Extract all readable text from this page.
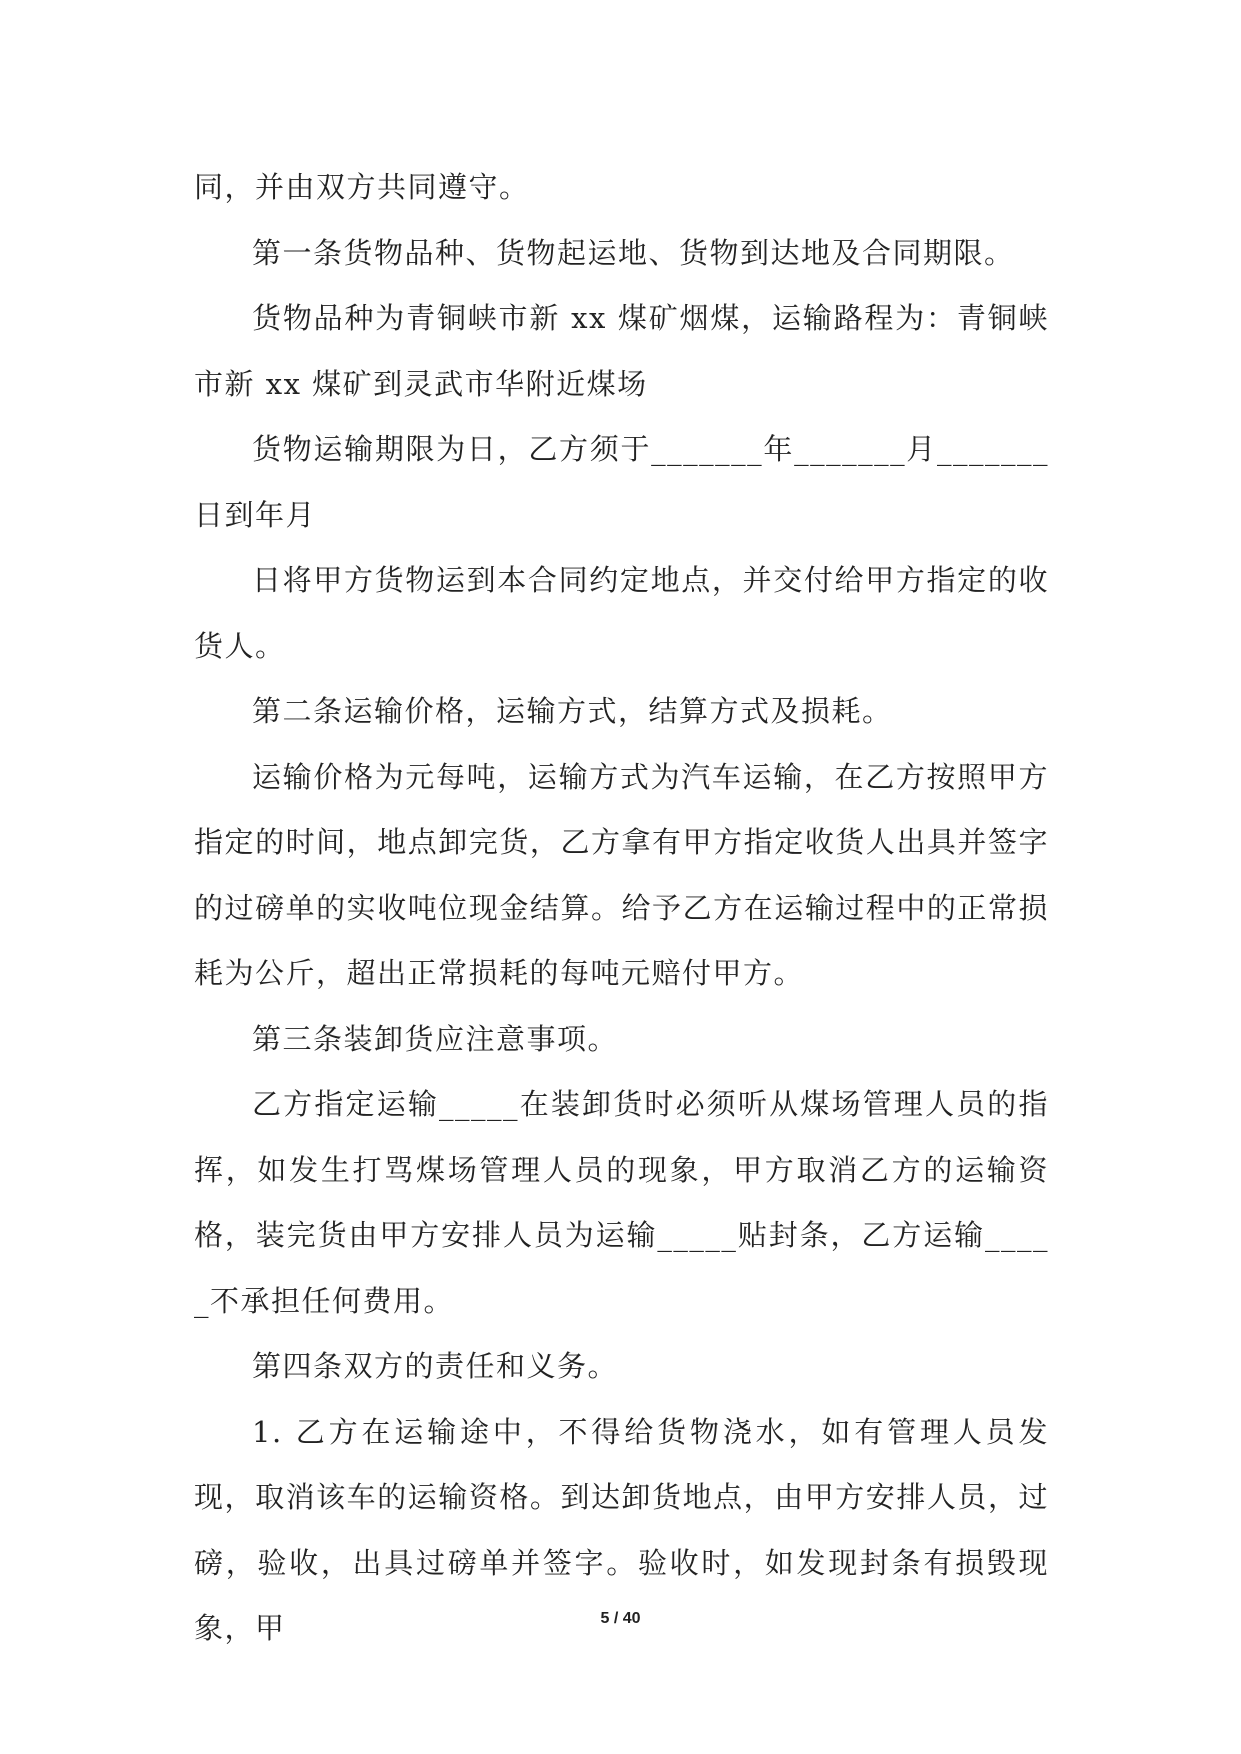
同，并由双方共同遵守。

第一条货物品种、货物起运地、货物到达地及合同期限。

货物品种为青铜峡市新 xx 煤矿烟煤，运输路程为：青铜峡市新 xx 煤矿到灵武市华附近煤场

货物运输期限为日，乙方须于_______年_______月_______日到年月

日将甲方货物运到本合同约定地点，并交付给甲方指定的收货人。

第二条运输价格，运输方式，结算方式及损耗。

运输价格为元每吨，运输方式为汽车运输，在乙方按照甲方指定的时间，地点卸完货，乙方拿有甲方指定收货人出具并签字的过磅单的实收吨位现金结算。给予乙方在运输过程中的正常损耗为公斤，超出正常损耗的每吨元赔付甲方。

第三条装卸货应注意事项。

乙方指定运输_____在装卸货时必须听从煤场管理人员的指挥，如发生打骂煤场管理人员的现象，甲方取消乙方的运输资格，装完货由甲方安排人员为运输_____贴封条，乙方运输_____不承担任何费用。

第四条双方的责任和义务。

1. 乙方在运输途中，不得给货物浇水，如有管理人员发现，取消该车的运输资格。到达卸货地点，由甲方安排人员，过磅，验收，出具过磅单并签字。验收时，如发现封条有损毁现象，甲	5 / 40
